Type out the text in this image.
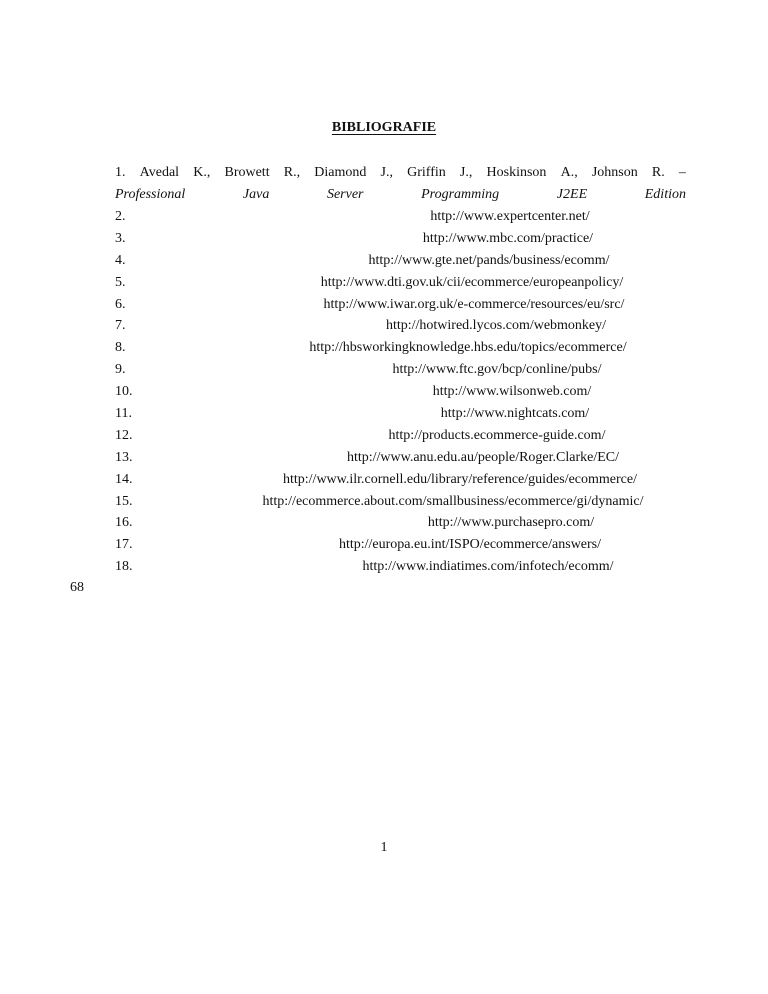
BIBLIOGRAFIE
1. Avedal K., Browett R., Diamond J., Griffin J., Hoskinson A., Johnson R. –
Professional	Java	Server	Programming	J2EE	Edition
2.	http://www.expertcenter.net/
3.	http://www.mbc.com/practice/
4.	http://www.gte.net/pands/business/ecomm/
5.	http://www.dti.gov.uk/cii/ecommerce/europeanpolicy/
6.	http://www.iwar.org.uk/e-commerce/resources/eu/src/
7.	http://hotwired.lycos.com/webmonkey/
8.	http://hbsworkingknowledge.hbs.edu/topics/ecommerce/
9.	http://www.ftc.gov/bcp/conline/pubs/
10.	http://www.wilsonweb.com/
11.	http://www.nightcats.com/
12.	http://products.ecommerce-guide.com/
13.	http://www.anu.edu.au/people/Roger.Clarke/EC/
14.	http://www.ilr.cornell.edu/library/reference/guides/ecommerce/
15.	http://ecommerce.about.com/smallbusiness/ecommerce/gi/dynamic/
16.	http://www.purchasepro.com/
17.	http://europa.eu.int/ISPO/ecommerce/answers/
18.	http://www.indiatimes.com/infotech/ecomm/
68
1
